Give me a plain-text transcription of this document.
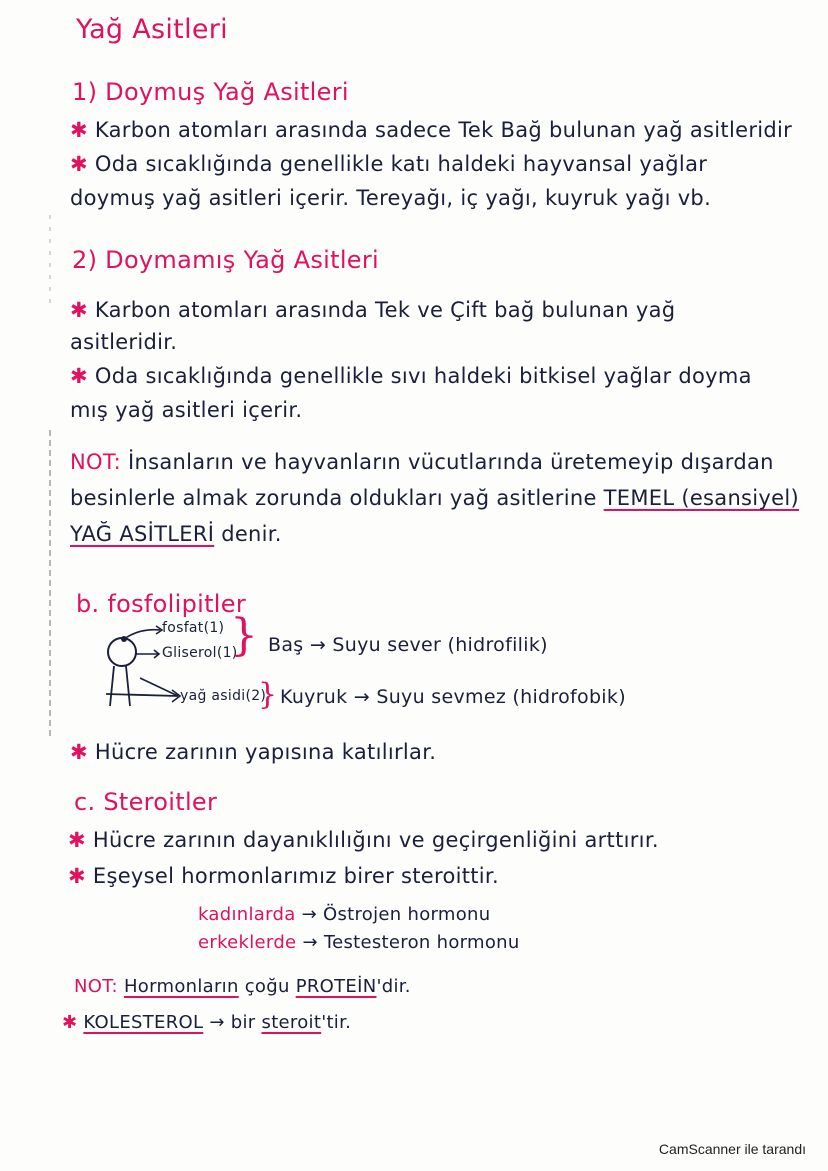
Yağ Asitleri
1) Doymuş Yağ Asitleri
✱ Karbon atomları arasında sadece Tek Bağ bulunan yağ asitleridir
✱ Oda sıcaklığında genellikle katı haldeki hayvansal yağlar
doymuş yağ asitleri içerir. Tereyağı, iç yağı, kuyruk yağı vb.
2) Doymamış Yağ Asitleri
✱ Karbon atomları arasında Tek ve Çift bağ bulunan yağ
asitleridir.
✱ Oda sıcaklığında genellikle sıvı haldeki bitkisel yağlar doyma
mış yağ asitleri içerir.
NOT: İnsanların ve hayvanların vücutlarında üretemeyip dışardan
besinlerle almak zorunda oldukları yağ asitlerine TEMEL (esansiyel)
YAĞ ASİTLERİ denir.
b. fosfolipitler
fosfat(1)
Gliserol(1)
} Baş → Suyu sever (hidrofilik)
yağ asidi(2)
} Kuyruk → Suyu sevmez (hidrofobik)
✱ Hücre zarının yapısına katılırlar.
c. Steroitler
✱ Hücre zarının dayanıklılığını ve geçirgenliğini arttırır.
✱ Eşeysel hormonlarımız birer steroittir.
kadınlarda → Östrojen hormonu
erkeklerde → Testesteron hormonu
NOT: Hormonların çoğu PROTEİN'dir.
✱ KOLESTEROL → bir steroit'tir.
CamScanner ile tarandı
